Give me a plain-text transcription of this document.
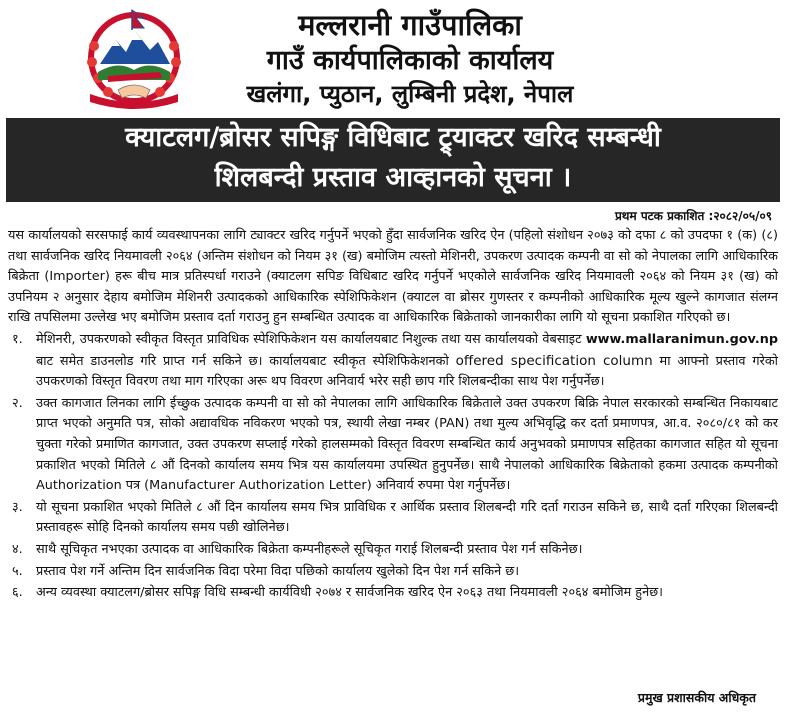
मल्लरानी गाउँपालिका
गाउँ कार्यपालिकाको कार्यालय
खलंगा, प्युठान, लुम्बिनी प्रदेश, नेपाल
क्याटलग/ब्रोसर सपिङ्ग विधिबाट ट्र्याक्टर खरिद सम्बन्धी
शिलबन्दी प्रस्ताव आव्हानको सूचना ।
प्रथम पटक प्रकाशित :२०८२/०५/०९

यस कार्यालयको सरसफाई कार्य व्यवस्थापनका लागि ट्याक्टर खरिद गर्नुपर्ने भएको हुँदा सार्वजनिक खरिद ऐन (पहिलो संशोधन २०७३ को दफा ८ को उपदफा १ (क) (८) तथा सार्वजनिक खरिद नियमावली २०६४ (अन्तिम संशोधन को नियम ३१ (ख) बमोजिम त्यस्तो मेशिनरी, उपकरण उत्पादक कम्पनी वा सो को नेपालका लागि आधिकारिक बिक्रेता (Importer) हरू बीच मात्र प्रतिस्पर्धा गराउने (क्याटलग सपिङ विधिबाट खरिद गर्नुपर्ने भएकोले सार्वजनिक खरिद नियमावली २०६४ को नियम ३१ (ख) को उपनियम २ अनुसार देहाय बमोजिम मेशिनरी उत्पादकको आधिकारिक स्पेशिफिकेशन (क्याटल वा ब्रोसर गुणस्तर र कम्पनीको आधिकारिक मूल्य खुल्ने कागजात संलग्न राखि तपसिलमा उल्लेख भए बमोजिम प्रस्ताव दर्ता गराउनु हुन सम्बन्धित उत्पादक वा आधिकारिक बिक्रेताको जानकारीका लागि यो सूचना प्रकाशित गरिएको छ।

१. मेशिनरी, उपकरणको स्वीकृत विस्तृत प्राविधिक स्पेशिफिकेशन यस कार्यालयबाट निशुल्क तथा यस कार्यालयको वेबसाइट www.mallaranimun.gov.np बाट समेत डाउनलोड गरि प्राप्त गर्न सकिने छ। कार्यालयबाट स्वीकृत स्पेशिफिकेशनको offered specification column मा आफ्नो प्रस्ताव गरेको उपकरणको विस्तृत विवरण तथा माग गरिएका अरू थप विवरण अनिवार्य भरेर सही छाप गरि शिलबन्दीका साथ पेश गर्नुपर्नेछ।
२. उक्त कागजात लिनका लागि ईच्छुक उत्पादक कम्पनी वा सो को नेपालका लागि आधिकारिक बिक्रेताले उक्त उपकरण बिक्रि नेपाल सरकारको सम्बन्धित निकायबाट प्राप्त भएको अनुमति पत्र, सोको अद्यावधिक नविकरण भएको पत्र, स्थायी लेखा नम्बर (PAN) तथा मुल्य अभिवृद्धि कर दर्ता प्रमाणपत्र, आ.व. २०८०/८१ को कर चुक्ता गरेको प्रमाणित कागजात, उक्त उपकरण सप्लाई गरेको हालसम्मको विस्तृत विवरण सम्बन्धित कार्य अनुभवको प्रमाणपत्र सहितका कागजात सहित यो सूचना प्रकाशित भएको मितिले ८ औं दिनको कार्यालय समय भित्र यस कार्यालयमा उपस्थित हुनुपर्नेछ। साथै नेपालको आधिकारिक बिक्रेताको हकमा उत्पादक कम्पनीको Authorization पत्र (Manufacturer Authorization Letter) अनिवार्य रुपमा पेश गर्नुपर्नेछ।
३. यो सूचना प्रकाशित भएको मितिले ८ औं दिन कार्यालय समय भित्र प्राविधिक र आर्थिक प्रस्ताव शिलबन्दी गरि दर्ता गराउन सकिने छ, साथै दर्ता गरिएका शिलबन्दी प्रस्तावहरू सोहि दिनको कार्यालय समय पछी खोलिनेछ।
४. साथै सूचिकृत नभएका उत्पादक वा आधिकारिक बिक्रेता कम्पनीहरूले सूचिकृत गराई शिलबन्दी प्रस्ताव पेश गर्न सकिनेछ।
५. प्रस्ताव पेश गर्ने अन्तिम दिन सार्वजनिक विदा परेमा विदा पछिको कार्यालय खुलेको दिन पेश गर्न सकिने छ।
६. अन्य व्यवस्था क्याटलग/ब्रोसर सपिङ्ग विधि सम्बन्धी कार्यविधी २०७४ र सार्वजनिक खरिद ऐन २०६३ तथा नियमावली २०६४ बमोजिम हुनेछ।
प्रमुख प्रशासकीय अधिकृत
